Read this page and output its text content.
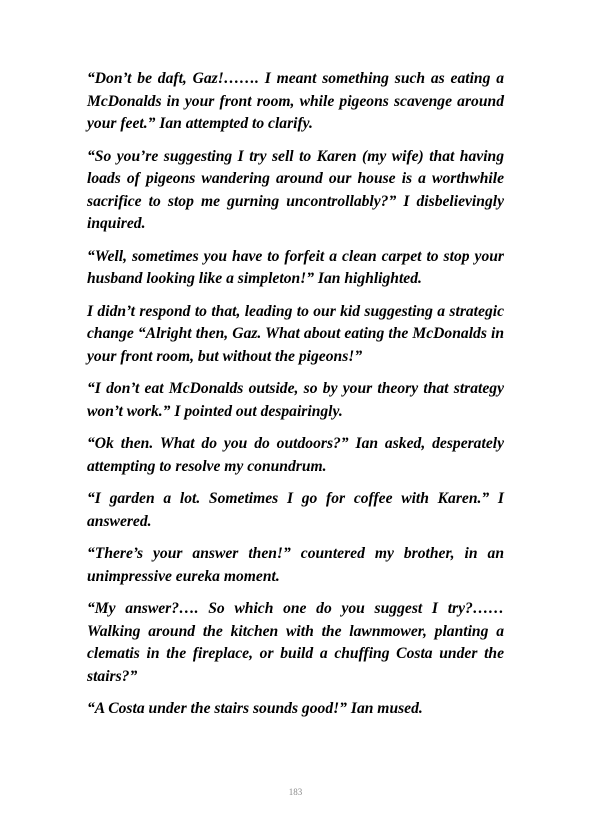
“Don’t be daft, Gaz!……. I meant something such as eating a McDonalds in your front room, while pigeons scavenge around your feet.” Ian attempted to clarify.

“So you’re suggesting I try sell to Karen (my wife) that having loads of pigeons wandering around our house is a worthwhile sacrifice to stop me gurning uncontrollably?” I disbelievingly inquired.

“Well, sometimes you have to forfeit a clean carpet to stop your husband looking like a simpleton!” Ian highlighted.

I didn’t respond to that, leading to our kid suggesting a strategic change “Alright then, Gaz. What about eating the McDonalds in your front room, but without the pigeons!”

“I don’t eat McDonalds outside, so by your theory that strategy won’t work.” I pointed out despairingly.

“Ok then. What do you do outdoors?” Ian asked, desperately attempting to resolve my conundrum.

“I garden a lot. Sometimes I go for coffee with Karen.” I answered.

“There’s your answer then!” countered my brother, in an unimpressive eureka moment.

“My answer?…. So which one do you suggest I try?…… Walking around the kitchen with the lawnmower, planting a clematis in the fireplace, or build a chuffing Costa under the stairs?”

“A Costa under the stairs sounds good!” Ian mused.

183
